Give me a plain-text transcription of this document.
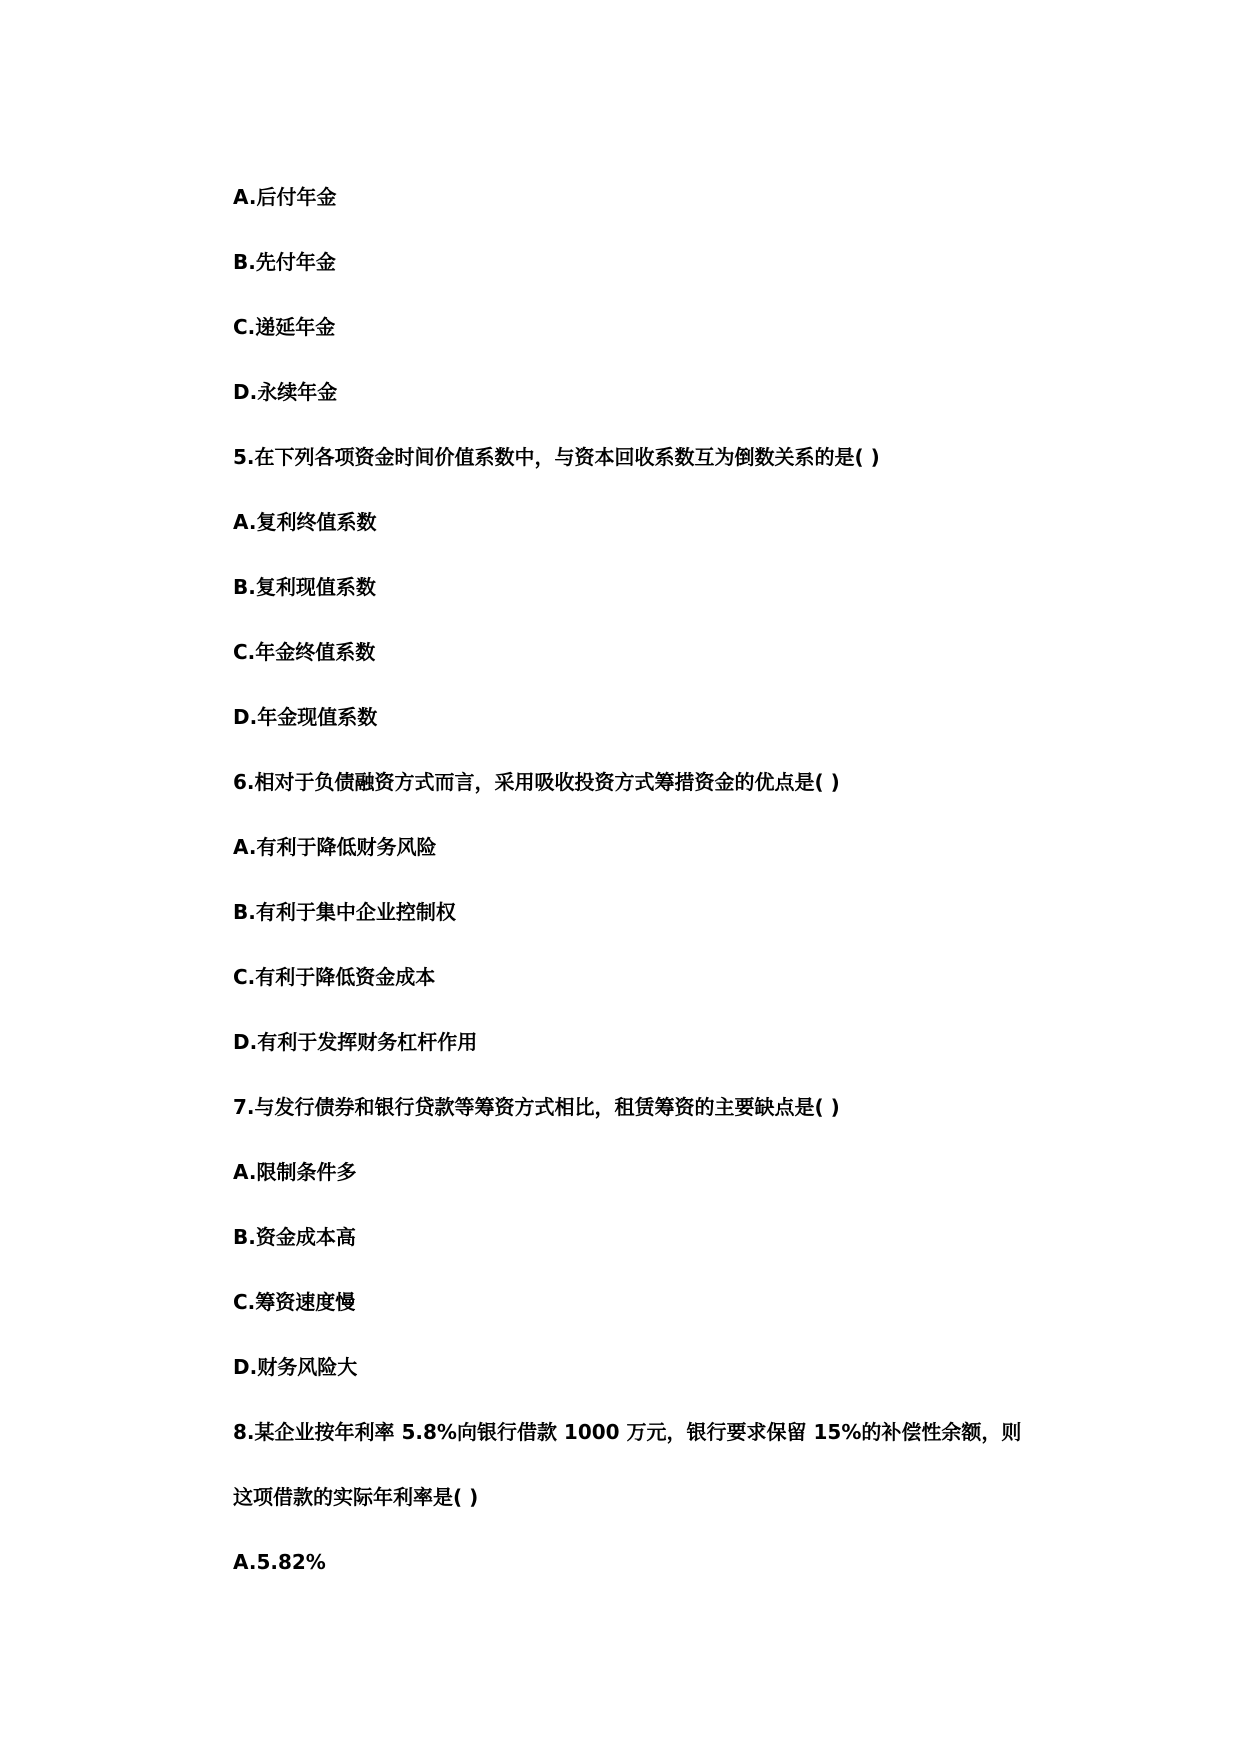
A.后付年金
B.先付年金
C.递延年金
D.永续年金
5.在下列各项资金时间价值系数中，与资本回收系数互为倒数关系的是( )
A.复利终值系数
B.复利现值系数
C.年金终值系数
D.年金现值系数
6.相对于负债融资方式而言，采用吸收投资方式筹措资金的优点是( )
A.有利于降低财务风险
B.有利于集中企业控制权
C.有利于降低资金成本
D.有利于发挥财务杠杆作用
7.与发行债券和银行贷款等筹资方式相比，租赁筹资的主要缺点是( )
A.限制条件多
B.资金成本高
C.筹资速度慢
D.财务风险大
8.某企业按年利率 5.8%向银行借款 1000 万元，银行要求保留 15%的补偿性余额，则
这项借款的实际年利率是( )
A.5.82%
